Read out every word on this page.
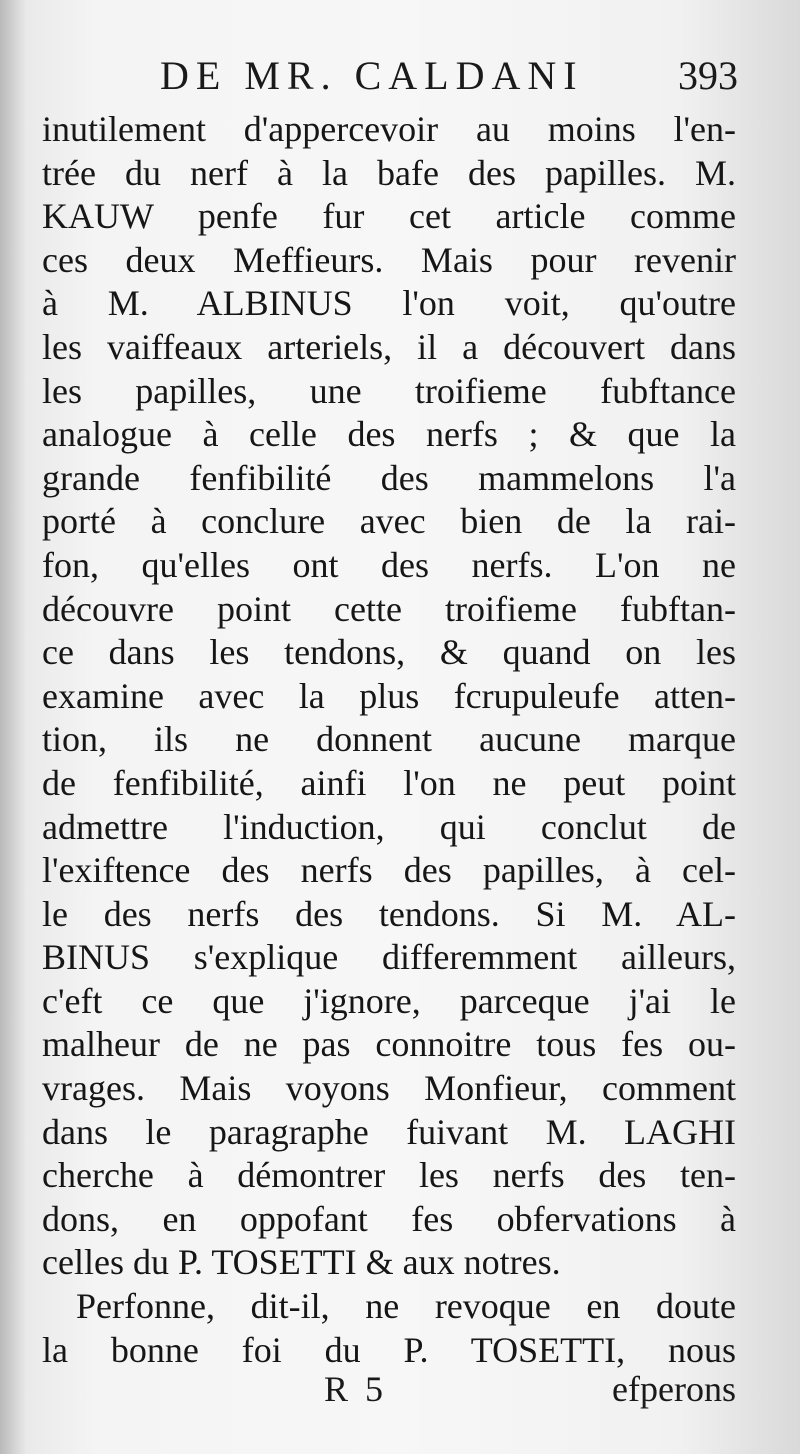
DE MR. CALDANI 393
inutilement d'appercevoir au moins l'en-
trée du nerf à la bafe des papilles. M.
KAUW penfe fur cet article comme
ces deux Meffieurs. Mais pour revenir
à M. ALBINUS l'on voit, qu'outre
les vaiffeaux arteriels, il a découvert dans
les papilles, une troifieme fubftance
analogue à celle des nerfs ; & que la
grande fenfibilité des mammelons l'a
porté à conclure avec bien de la rai-
fon, qu'elles ont des nerfs. L'on ne
découvre point cette troifieme fubftan-
ce dans les tendons, & quand on les
examine avec la plus fcrupuleufe atten-
tion, ils ne donnent aucune marque
de fenfibilité, ainfi l'on ne peut point
admettre l'induction, qui conclut de
l'exiftence des nerfs des papilles, à cel-
le des nerfs des tendons. Si M. AL-
BINUS s'explique differemment ailleurs,
c'eft ce que j'ignore, parceque j'ai le
malheur de ne pas connoitre tous fes ou-
vrages. Mais voyons Monfieur, comment
dans le paragraphe fuivant M. LAGHI
cherche à démontrer les nerfs des ten-
dons, en oppofant fes obfervations à
celles du P. TOSETTI & aux notres.
Perfonne, dit-il, ne revoque en doute
la bonne foi du P. TOSETTI, nous
R 5	efperons
